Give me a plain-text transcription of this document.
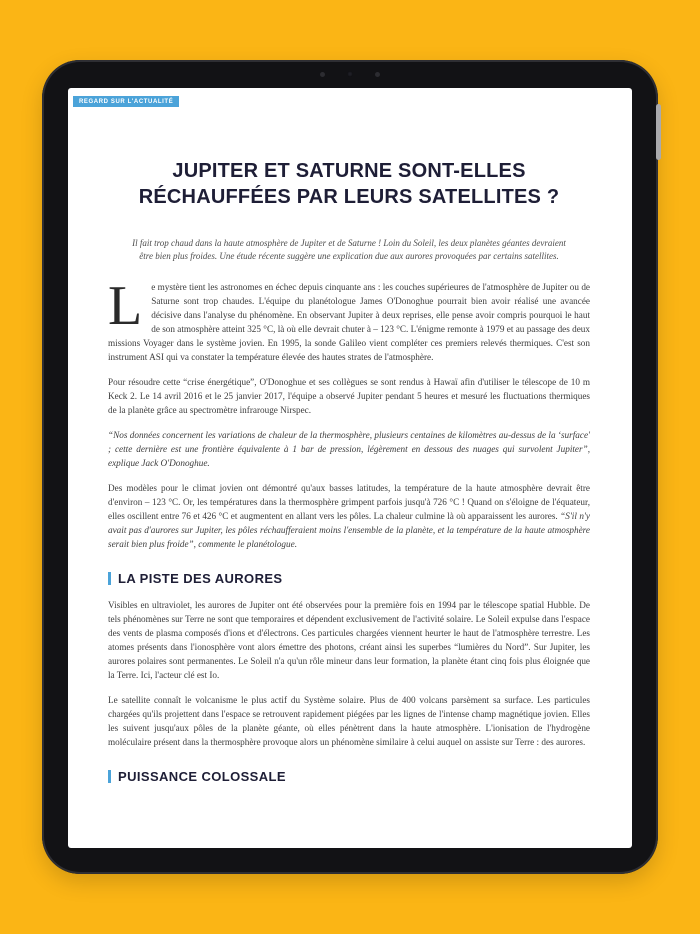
REGARD SUR L'ACTUALITÉ
JUPITER ET SATURNE SONT-ELLES RÉCHAUFFÉES PAR LEURS SATELLITES ?

Il fait trop chaud dans la haute atmosphère de Jupiter et de Saturne ! Loin du Soleil, les deux planètes géantes devraient être bien plus froides. Une étude récente suggère une explication due aux aurores provoquées par certains satellites.

Le mystère tient les astronomes en échec depuis cinquante ans : les couches supérieures de l'atmosphère de Jupiter ou de Saturne sont trop chaudes. L'équipe du planétologue James O'Donoghue pourrait bien avoir réalisé une avancée décisive dans l'analyse du phénomène. En observant Jupiter à deux reprises, elle pense avoir compris pourquoi le haut de son atmosphère atteint 325 °C, là où elle devrait chuter à – 123 °C. L'énigme remonte à 1979 et au passage des deux missions Voyager dans le système jovien. En 1995, la sonde Galileo vient compléter ces premiers relevés thermiques. C'est son instrument ASI qui va constater la température élevée des hautes strates de l'atmosphère.

Pour résoudre cette “crise énergétique”, O'Donoghue et ses collègues se sont rendus à Hawaï afin d'utiliser le télescope de 10 m Keck 2. Le 14 avril 2016 et le 25 janvier 2017, l'équipe a observé Jupiter pendant 5 heures et mesuré les fluctuations thermiques de la planète grâce au spectromètre infrarouge Nirspec.

“Nos données concernent les variations de chaleur de la thermosphère, plusieurs centaines de kilomètres au-dessus de la ‘surface' ; cette dernière est une frontière équivalente à 1 bar de pression, légèrement en dessous des nuages qui survolent Jupiter”, explique Jack O'Donoghue.

Des modèles pour le climat jovien ont démontré qu'aux basses latitudes, la température de la haute atmosphère devrait être d'environ – 123 °C. Or, les températures dans la thermosphère grimpent parfois jusqu'à 726 °C ! Quand on s'éloigne de l'équateur, elles oscillent entre 76 et 426 °C et augmentent en allant vers les pôles. La chaleur culmine là où apparaissent les aurores. “S'il n'y avait pas d'aurores sur Jupiter, les pôles réchaufferaient moins l'ensemble de la planète, et la température de la haute atmosphère serait bien plus froide”, commente le planétologue.

LA PISTE DES AURORES

Visibles en ultraviolet, les aurores de Jupiter ont été observées pour la première fois en 1994 par le télescope spatial Hubble. De tels phénomènes sur Terre ne sont que temporaires et dépendent exclusivement de l'activité solaire. Le Soleil expulse dans l'espace des vents de plasma composés d'ions et d'électrons. Ces particules chargées viennent heurter le haut de l'atmosphère terrestre. Les atomes présents dans l'ionosphère vont alors émettre des photons, créant ainsi les superbes “lumières du Nord”. Sur Jupiter, les aurores polaires sont permanentes. Le Soleil n'a qu'un rôle mineur dans leur formation, la planète étant cinq fois plus éloignée que la Terre. Ici, l'acteur clé est Io.

Le satellite connaît le volcanisme le plus actif du Système solaire. Plus de 400 volcans parsèment sa surface. Les particules chargées qu'ils projettent dans l'espace se retrouvent rapidement piégées par les lignes de l'intense champ magnétique jovien. Elles les suivent jusqu'aux pôles de la planète géante, où elles pénètrent dans la haute atmosphère. L'ionisation de l'hydrogène moléculaire présent dans la thermosphère provoque alors un phénomène similaire à celui auquel on assiste sur Terre : des aurores.

PUISSANCE COLOSSALE
